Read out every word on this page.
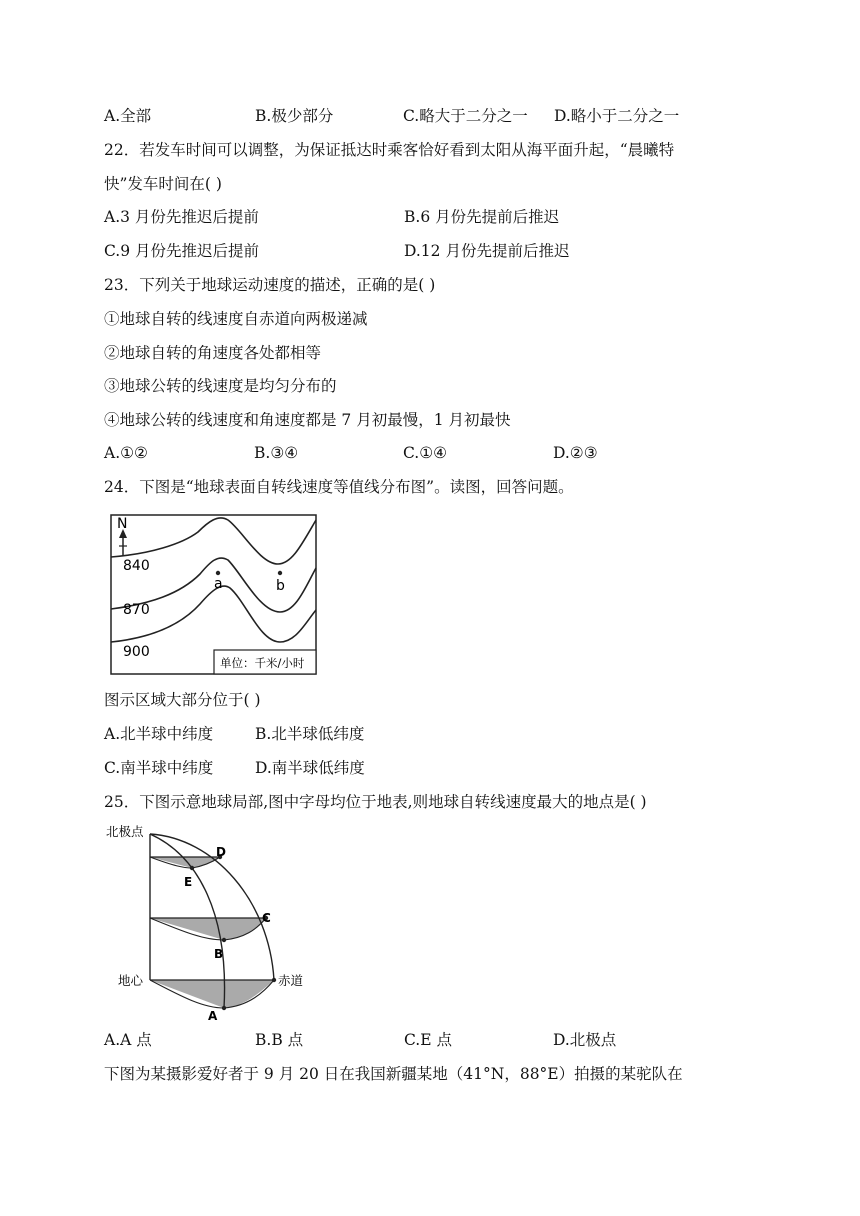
A.全部	B.极少部分	C.略大于二分之一 D.略小于二分之一
22．若发车时间可以调整，为保证抵达时乘客恰好看到太阳从海平面升起，“晨曦特
快”发车时间在( )
A.3 月份先推迟后提前	B.6 月份先提前后推迟
C.9 月份先推迟后提前	D.12 月份先提前后推迟
23．下列关于地球运动速度的描述，正确的是( )
①地球自转的线速度自赤道向两极递减
②地球自转的角速度各处都相等
③地球公转的线速度是均匀分布的
④地球公转的线速度和角速度都是 7 月初最慢，1 月初最快
A.①②	B.③④	C.①④	D.②③
24．下图是“地球表面自转线速度等值线分布图”。读图，回答问题。
N
840
870
900
a	b
单位：千米/小时
图示区域大部分位于( )
A.北半球中纬度	B.北半球低纬度
C.南半球中纬度	D.南半球低纬度
25．下图示意地球局部,图中字母均位于地表,则地球自转线速度最大的地点是( )
北极点
地心	赤道
A
B
C
D
E
A.A 点	B.B 点	C.E 点	D.北极点
下图为某摄影爱好者于 9 月 20 日在我国新疆某地（41°N，88°E）拍摄的某驼队在
